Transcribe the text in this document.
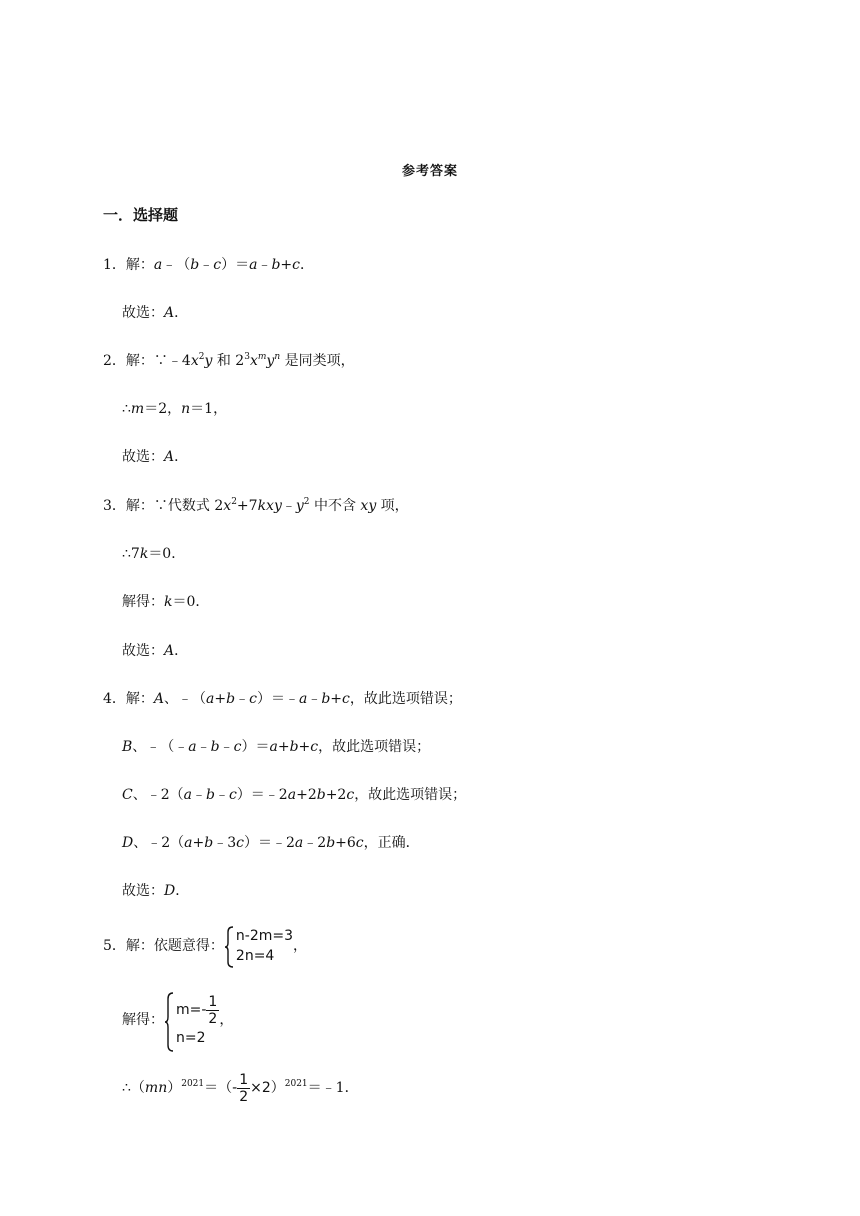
参考答案
一．选择题
1．解：a﹣（b﹣c）＝a﹣b+c．
故选：A．
2．解：$\because﹣4x^2y$ 和 $2^3x^my^n$ 是同类项，
∴m＝2，n＝1，
故选：A．
3．解：∵代数式 $2x^2+7kxy﹣y^2$ 中不含 xy 项，
∴7k＝0．
解得：k＝0．
故选：A．
4．解：A、﹣（a+b﹣c）＝﹣a﹣b+c，故此选项错误；
B、﹣（﹣a﹣b﹣c）＝a+b+c，故此选项错误；
C、﹣2（a﹣b﹣c）＝﹣2a+2b+2c，故此选项错误；
D、﹣2（a+b﹣3c）＝﹣2a﹣2b+6c，正确．
故选：D．
5．解：依题意得：
n-2m=3
2n=4
，
解得：
$m=- \frac{1}{2}$
n=2
，
∴（mn）$^{2021}$＝（- $\frac{1}{2}$ ×2）$^{2021}$＝﹣1．
